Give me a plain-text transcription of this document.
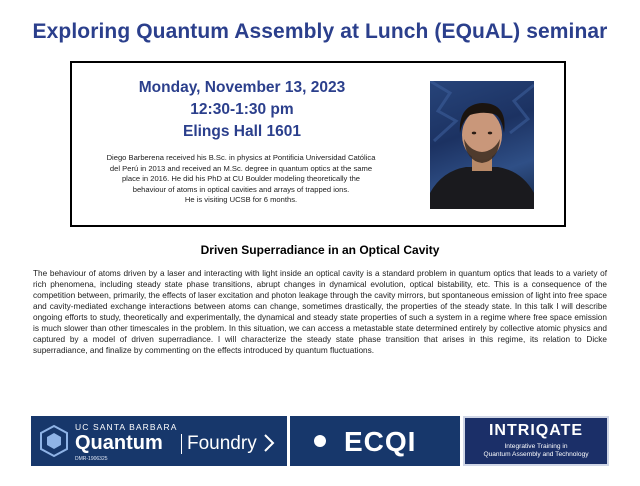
Exploring Quantum Assembly at Lunch (EQuAL) seminar
Monday, November 13, 2023
12:30-1:30 pm
Elings Hall 1601
Diego Barberena received his B.Sc. in physics at Pontificia Universidad Católica
del Perú in 2013 and received an M.Sc. degree in quantum optics at the same
place in 2016. He did his PhD at CU Boulder modeling theoretically the
behaviour of atoms in optical cavities and arrays of trapped ions.
He is visiting UCSB for 6 months.
Driven Superradiance in an Optical Cavity
The behaviour of atoms driven by a laser and interacting with light inside an optical cavity is a standard problem in quantum optics that leads to a variety of rich phenomena, including steady state phase transitions, abrupt changes in dynamical evolution, optical bistability, etc. This is a consequence of the competition between, primarily, the effects of laser excitation and photon leakage through the cavity mirrors, but spontaneous emission of light into free space and cavity-mediated exchange interactions between atoms can change, sometimes drastically, the properties of the steady state. In this talk I will describe ongoing efforts to study, theoretically and experimentally, the dynamical and steady state properties of such a system in a regime where free space emission is much slower than other timescales in the problem. In this situation, we can access a metastable state determined entirely by collective atomic physics and captured by a model of driven superradiance. I will characterize the steady state phase transition that arises in this regime, its relation to Dicke superradiance, and finalize by commenting on the effects introduced by quantum fluctuations.
UC SANTA BARBARA
Quantum Foundry
DMR-1906325
ECQI	INTRIQATE
Integrative Training in
Quantum Assembly and Technology
